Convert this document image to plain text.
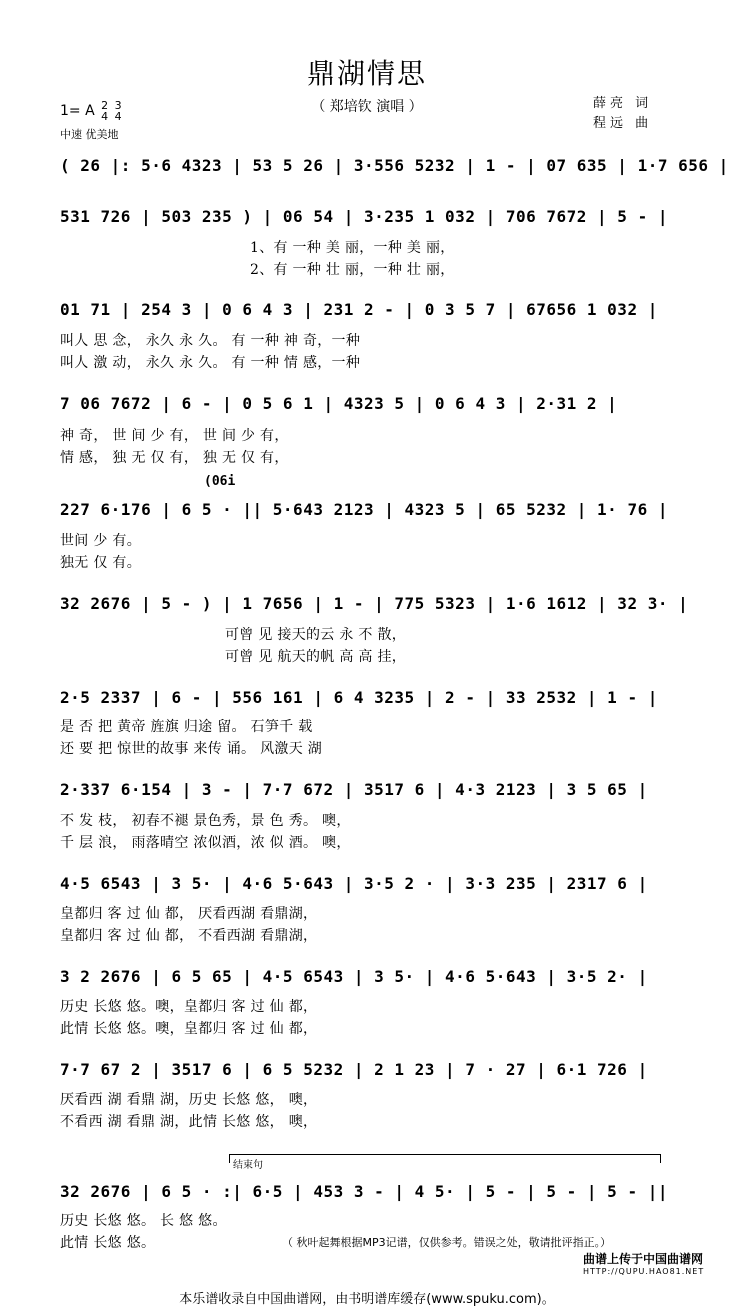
鼎湖情思
（ 郑培钦 演唱 ）
1= A 2
4

3
4
中速 优美地
薛亮 词
程远 曲
( 26 |: 5·6 4323 | 53 5 26 | 3·556 5232 | 1 - | 07 635 | 1·7 656 |
531 726 | 503 235 ) | 06 54 | 3·235 1 032 | 706 7672 | 5 - |
1、有 一种 美 丽，一种 美 丽，
2、有 一种 壮 丽，一种 壮 丽，
01 71 | 254 3 | 0 6 4 3 | 231 2 - | 0 3 5 7 | 67656 1 032 |
叫人 思 念， 永久 永 久。 有 一种 神 奇，一种
叫人 激 动， 永久 永 久。 有 一种 情 感，一种
7 06 7672 | 6 - | 0 5 6 1 | 4323 5 | 0 6 4 3 | 2·31 2 |
神 奇， 世 间 少 有， 世 间 少 有，
情 感， 独 无 仅 有， 独 无 仅 有，
(06i
227 6·176 | 6 5 · || 5·643 2123 | 4323 5 | 65 5232 | 1· 76 |
世间 少 有。
独无 仅 有。
32 2676 | 5 - ) | 1 7656 | 1 - | 775 5323 | 1·6 1612 | 32 3· |
可曾 见 接天的云 永 不 散，
可曾 见 航天的帆 高 高 挂，
2·5 2337 | 6 - | 556 161 | 6 4 3235 | 2 - | 33 2532 | 1 - |
是 否 把 黄帝 旌旗 归途 留。 石笋千 载
还 要 把 惊世的故事 来传 诵。 风激天 湖
2·337 6·154 | 3 - | 7·7 672 | 3517 6 | 4·3 2123 | 3 5 65 |
不 发 枝， 初春不褪 景色秀，景 色 秀。 噢，
千 层 浪， 雨落晴空 浓似酒，浓 似 酒。 噢，
4·5 6543 | 3 5· | 4·6 5·643 | 3·5 2 · | 3·3 235 | 2317 6 |
皇都归 客 过 仙 都， 厌看西湖 看鼎湖，
皇都归 客 过 仙 都， 不看西湖 看鼎湖，
3 2 2676 | 6 5 65 | 4·5 6543 | 3 5· | 4·6 5·643 | 3·5 2· |
历史 长悠 悠。噢，皇都归 客 过 仙 都，
此情 长悠 悠。噢，皇都归 客 过 仙 都，
7·7 67 2 | 3517 6 | 6 5 5232 | 2 1 23 | 7 · 27 | 6·1 726 |
厌看西 湖 看鼎 湖，历史 长悠 悠， 噢，
不看西 湖 看鼎 湖，此情 长悠 悠， 噢，
结束句
32 2676 | 6 5 · :| 6·5 | 453 3 - | 4 5· | 5 - | 5 - | 5 - ||
历史 长悠 悠。 长 悠 悠。
此情 长悠 悠。	（ 秋叶起舞根据MP3记谱，仅供参考。错误之处，敬请批评指正。）
曲谱上传于中国曲谱网
HTTP://QUPU.HAO81.NET
本乐谱收录自中国曲谱网，由书明谱库缓存(www.spuku.com)。
